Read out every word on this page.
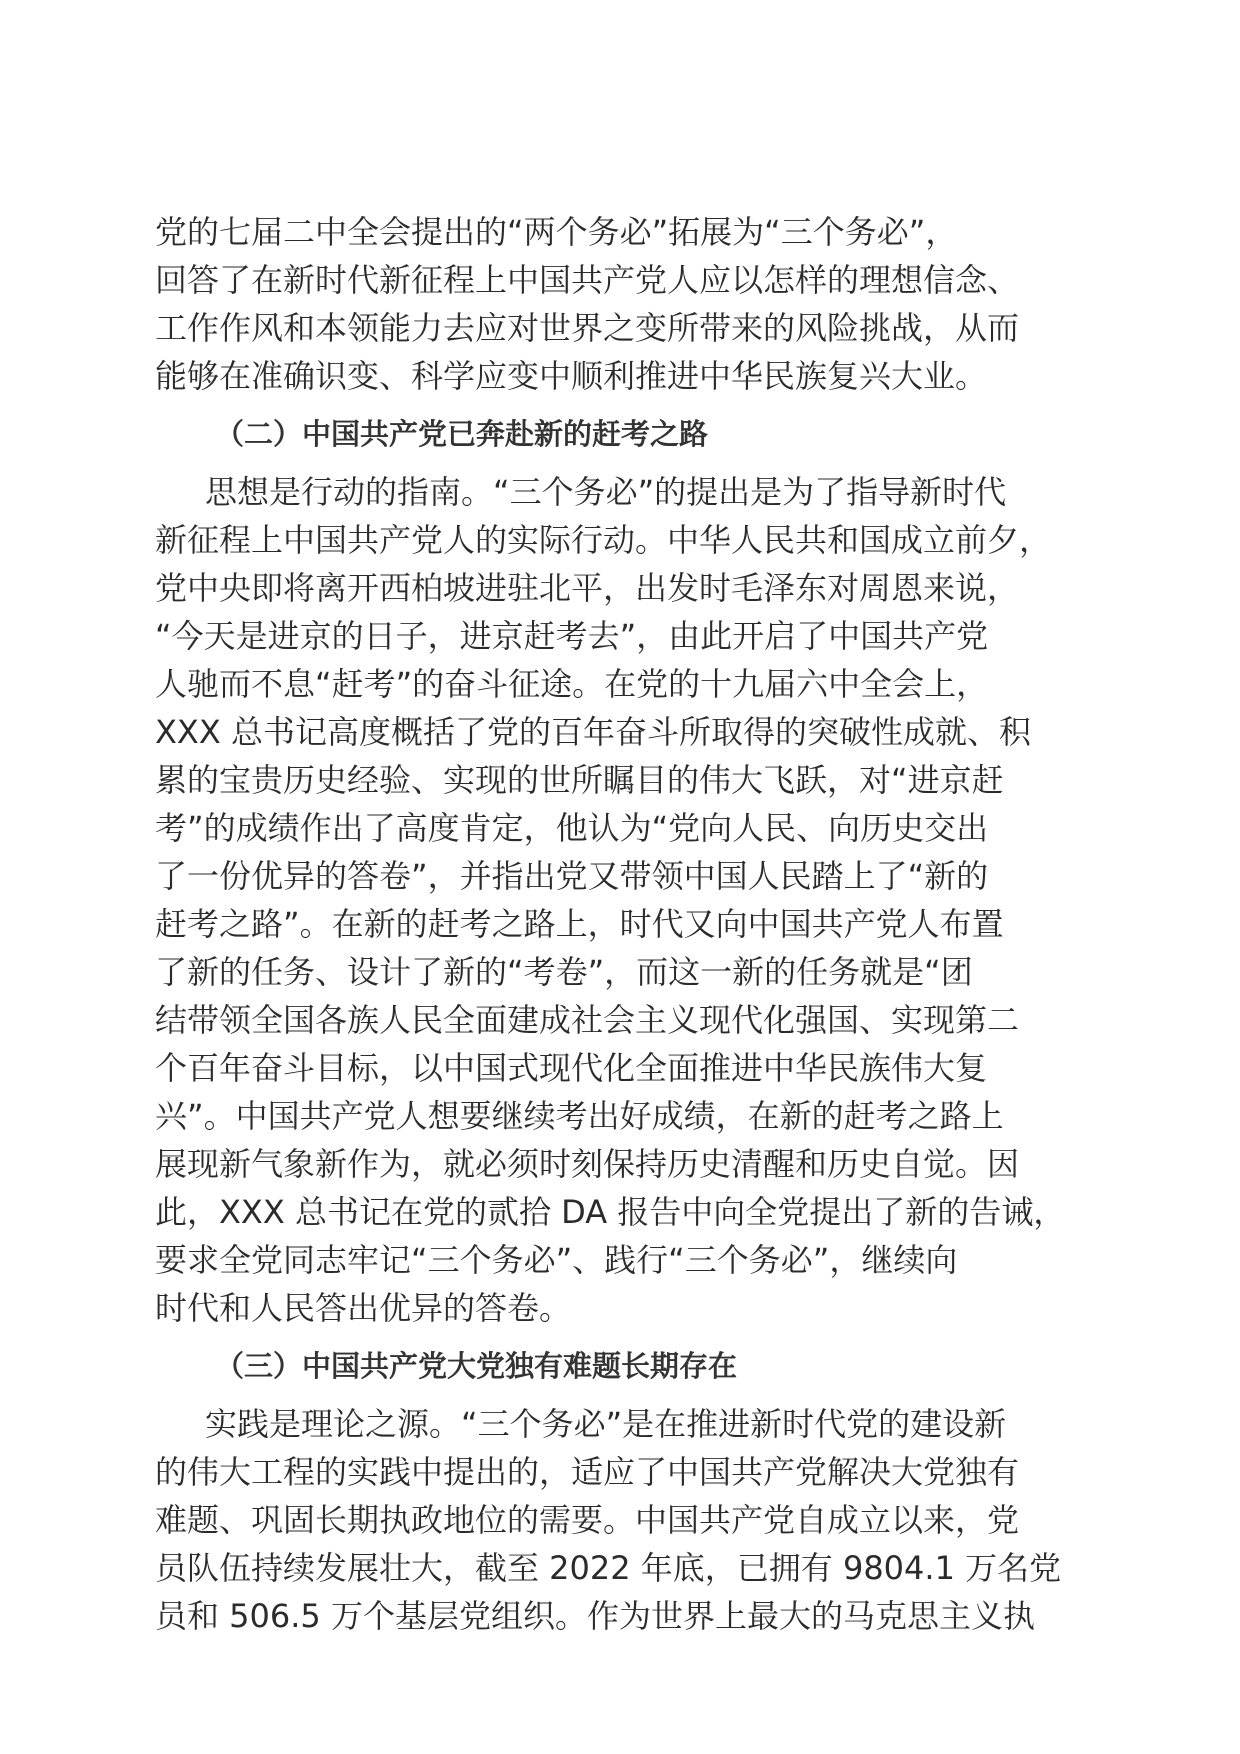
党的七届二中全会提出的“两个务必”拓展为“三个务必”，
回答了在新时代新征程上中国共产党人应以怎样的理想信念、
工作作风和本领能力去应对世界之变所带来的风险挑战，从而
能够在准确识变、科学应变中顺利推进中华民族复兴大业。
（二）中国共产党已奔赴新的赶考之路
思想是行动的指南。“三个务必”的提出是为了指导新时代
新征程上中国共产党人的实际行动。中华人民共和国成立前夕，
党中央即将离开西柏坡进驻北平，出发时毛泽东对周恩来说，
“今天是进京的日子，进京赶考去”，由此开启了中国共产党
人驰而不息“赶考”的奋斗征途。在党的十九届六中全会上，
XXX 总书记高度概括了党的百年奋斗所取得的突破性成就、积
累的宝贵历史经验、实现的世所瞩目的伟大飞跃，对“进京赶
考”的成绩作出了高度肯定，他认为“党向人民、向历史交出
了一份优异的答卷”，并指出党又带领中国人民踏上了“新的
赶考之路”。在新的赶考之路上，时代又向中国共产党人布置
了新的任务、设计了新的“考卷”，而这一新的任务就是“团
结带领全国各族人民全面建成社会主义现代化强国、实现第二
个百年奋斗目标，以中国式现代化全面推进中华民族伟大复
兴”。中国共产党人想要继续考出好成绩，在新的赶考之路上
展现新气象新作为，就必须时刻保持历史清醒和历史自觉。因
此，XXX 总书记在党的贰拾 DA 报告中向全党提出了新的告诫，
要求全党同志牢记“三个务必”、践行“三个务必”，继续向
时代和人民答出优异的答卷。
（三）中国共产党大党独有难题长期存在
实践是理论之源。“三个务必”是在推进新时代党的建设新
的伟大工程的实践中提出的，适应了中国共产党解决大党独有
难题、巩固长期执政地位的需要。中国共产党自成立以来，党
员队伍持续发展壮大，截至 2022 年底，已拥有 9804.1 万名党
员和 506.5 万个基层党组织。作为世界上最大的马克思主义执
